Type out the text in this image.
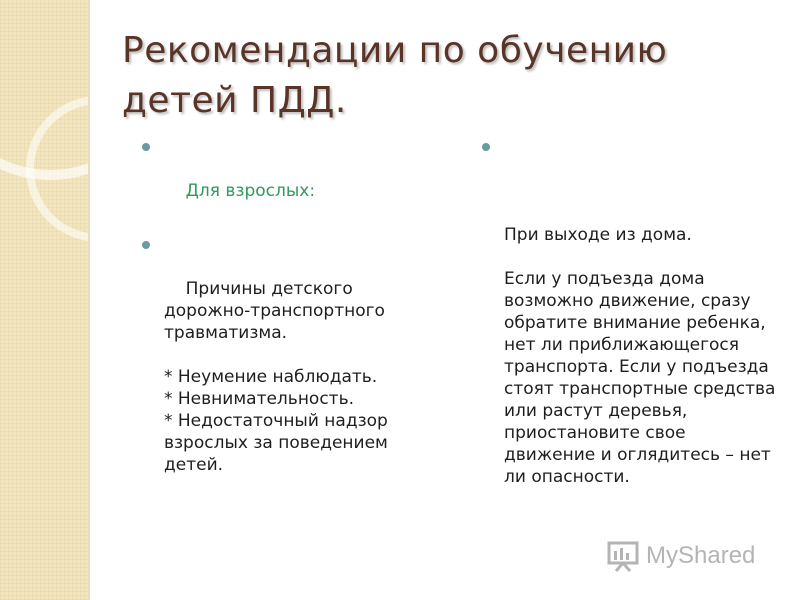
Рекомендации по обучению детей ПДД.

Для взрослых:

Причины детского дорожно-транспортного травматизма.

* Неумение наблюдать.
* Невнимательность.
* Недостаточный надзор взрослых за поведением детей.

При выходе из дома.

Если у подъезда дома возможно движение, сразу обратите внимание ребенка, нет ли приближающегося транспорта. Если у подъезда стоят транспортные средства или растут деревья, приостановите свое движение и оглядитесь – нет ли опасности.

MyShared
